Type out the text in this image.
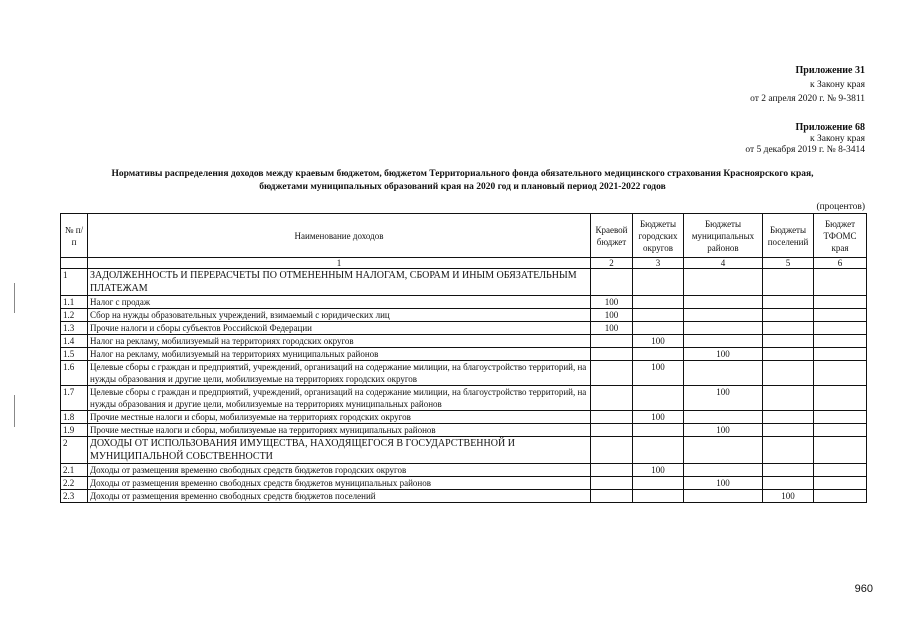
Приложение 31
к Закону края
от 2 апреля 2020 г. № 9-3811
Приложение 68
к Закону края
от 5 декабря 2019 г. № 8-3414
Нормативы распределения доходов между краевым бюджетом, бюджетом Территориального фонда обязательного медицинского страхования Красноярского края,
бюджетами муниципальных образований края на 2020 год и плановый период 2021-2022 годов
(процентов)
№ п/п	Наименование доходов	Краевой бюджет	Бюджеты городских округов	Бюджеты муниципальных районов	Бюджеты поселений	Бюджет ТФОМС края
	1	2	3	4	5	6
1	ЗАДОЛЖЕННОСТЬ И ПЕРЕРАСЧЕТЫ ПО ОТМЕНЕННЫМ НАЛОГАМ, СБОРАМ И ИНЫМ ОБЯЗАТЕЛЬНЫМ ПЛАТЕЖАМ					
1.1	Налог с продаж	100				
1.2	Сбор на нужды образовательных учреждений, взимаемый с юридических лиц	100				
1.3	Прочие налоги и сборы субъектов Российской Федерации	100				
1.4	Налог на рекламу, мобилизуемый на территориях городских округов		100			
1.5	Налог на рекламу, мобилизуемый на территориях муниципальных районов			100		
1.6	Целевые сборы с граждан и предприятий, учреждений, организаций на содержание милиции, на благоустройство территорий, на нужды образования и другие цели, мобилизуемые на территориях городских округов		100			
1.7	Целевые сборы с граждан и предприятий, учреждений, организаций на содержание милиции, на благоустройство территорий, на нужды образования и другие цели, мобилизуемые на территориях муниципальных районов			100		
1.8	Прочие местные налоги и сборы, мобилизуемые на территориях городских округов		100			
1.9	Прочие местные налоги и сборы, мобилизуемые на территориях муниципальных районов			100		
2	ДОХОДЫ ОТ ИСПОЛЬЗОВАНИЯ ИМУЩЕСТВА, НАХОДЯЩЕГОСЯ В ГОСУДАРСТВЕННОЙ И МУНИЦИПАЛЬНОЙ СОБСТВЕННОСТИ					
2.1	Доходы от размещения временно свободных средств бюджетов городских округов		100			
2.2	Доходы от размещения временно свободных средств бюджетов муниципальных районов			100		
2.3	Доходы от размещения временно свободных средств бюджетов поселений				100	
960
